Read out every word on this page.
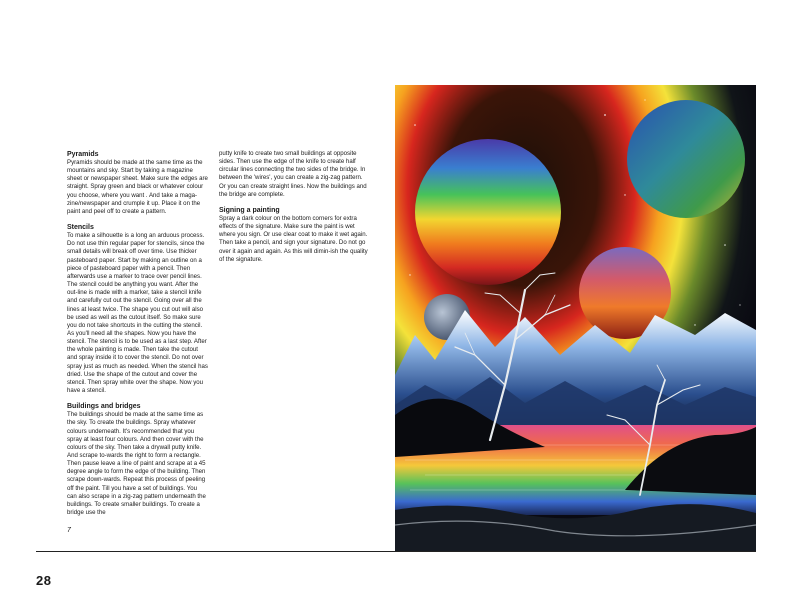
Pyramids

Pyramids should be made at the same time as the mountains and sky. Start by taking a magazine sheet or newspaper sheet. Make sure the edges are straight. Spray green and black or whatever colour you choose, where you want . And take a maga-zine/newspaper and crumple it up. Place it on the paint and peel off to create a pattern.

Stencils

To make a silhouette is a long an arduous process. Do not use thin regular paper for stencils, since the small details will break off over time. Use thicker pasteboard paper. Start by making an outline on a piece of pasteboard paper with a pencil. Then afterwards use a marker to trace over pencil lines. The stencil could be anything you want. After the out-line is made with a marker, take a stencil knife and carefully cut out the stencil. Going over all the lines at least twice. The shape you cut out will also be used as well as the cutout itself. So make sure you do not take shortcuts in the cutting the stencil. As you'll need all the shapes. Now you have the stencil. The stencil is to be used as a last step. After the whole painting is made. Then take the cutout and spray inside it to cover the stencil. Do not over spray just as much as needed. When the stencil has dried. Use the shape of the cutout and cover the stencil. Then spray white over the shape. Now you have a stencil.

Buildings and bridges

The buildings should be made at the same time as the sky. To create the buildings. Spray whatever colours underneath. It's recommended that you spray at least four colours. And then cover with the colours of the sky. Then take a drywall putty knife. And scrape to-wards the right to form a rectangle. Then pause leave a line of paint and scrape at a 45 degree angle to form the edge of the building. Then scrape down-wards. Repeat this process of peeling off the paint. Till you have a set of buildings. You can also scrape in a zig-zag pattern underneath the buildings. To create smaller buildings. To create a bridge use the

putty knife to create two small buildings at opposite sides. Then use the edge of the knife to create half circular lines connecting the two sides of the bridge. In between the 'wires', you can create a zig-zag pattern. Or you can create straight lines. Now the buildings and the bridge are complete.

Signing a painting

Spray a dark colour on the bottom corners for extra effects of the signature. Make sure the paint is wet where you sign. Or use clear coat to make it wet again. Then take a pencil, and sign your signature. Do not go over it again and again. As this will dimin-ish the quality of the signature.

7
28
